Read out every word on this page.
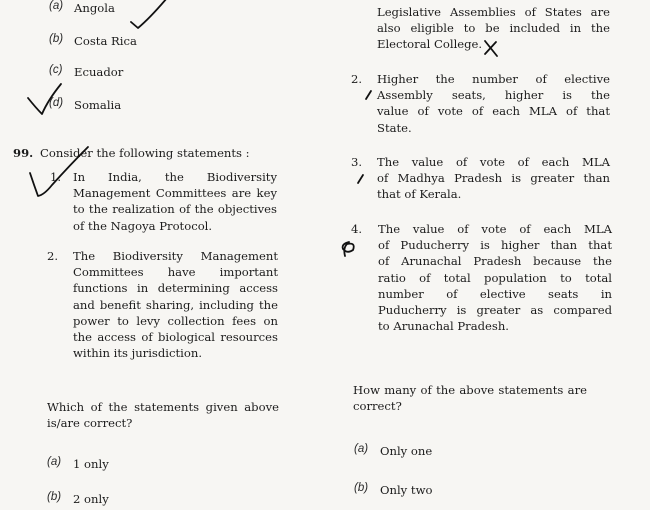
(a) Angola
(b) Costa Rica
(c) Ecuador
(d) Somalia
99. Consider the following statements :
1. In India, the Biodiversity
Management Committees are key
to the realization of the objectives
of the Nagoya Protocol.
2. The Biodiversity Management
Committees have important
functions in determining access
and benefit sharing, including the
power to levy collection fees on
the access of biological resources
within its jurisdiction.
Which of the statements given above
is/are correct?
(a) 1 only
(b) 2 only
Legislative Assemblies of States are
also eligible to be included in the
Electoral College.
2. Higher the number of elective
Assembly seats, higher is the
value of vote of each MLA of that
State.
3. The value of vote of each MLA
of Madhya Pradesh is greater than
that of Kerala.
4. The value of vote of each MLA
of Puducherry is higher than that
of Arunachal Pradesh because the
ratio of total population to total
number of elective seats in
Puducherry is greater as compared
to Arunachal Pradesh.
How many of the above statements are
correct?
(a) Only one
(b) Only two
